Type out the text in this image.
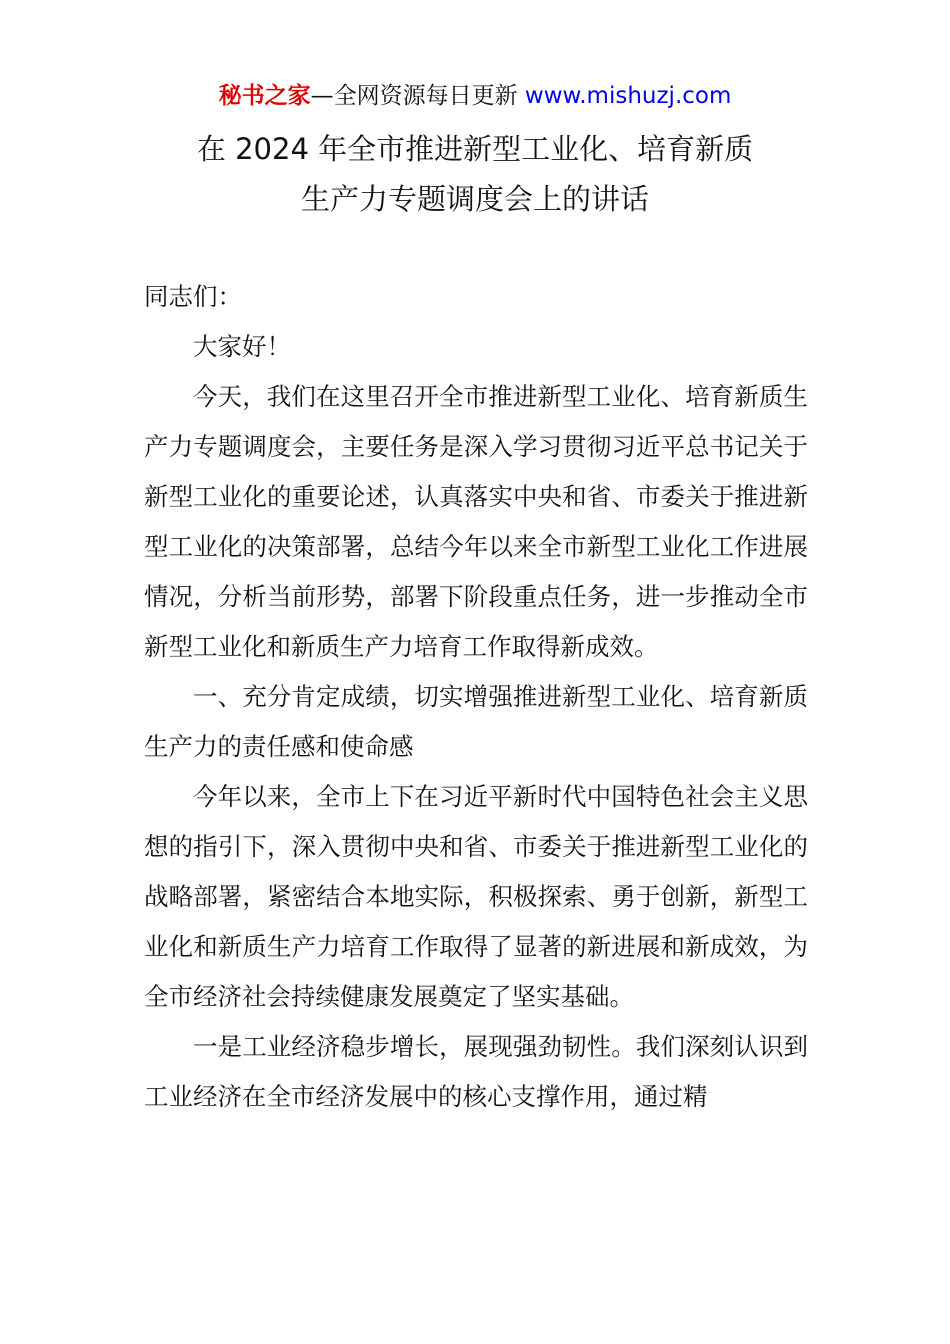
秘书之家—全网资源每日更新 www.mishuzj.com
在 2024 年全市推进新型工业化、培育新质
生产力专题调度会上的讲话

同志们：

大家好！

今天，我们在这里召开全市推进新型工业化、培育新质生产力专题调度会，主要任务是深入学习贯彻习近平总书记关于新型工业化的重要论述，认真落实中央和省、市委关于推进新型工业化的决策部署，总结今年以来全市新型工业化工作进展情况，分析当前形势，部署下阶段重点任务，进一步推动全市新型工业化和新质生产力培育工作取得新成效。

一、充分肯定成绩，切实增强推进新型工业化、培育新质生产力的责任感和使命感

今年以来，全市上下在习近平新时代中国特色社会主义思想的指引下，深入贯彻中央和省、市委关于推进新型工业化的战略部署，紧密结合本地实际，积极探索、勇于创新，新型工业化和新质生产力培育工作取得了显著的新进展和新成效，为全市经济社会持续健康发展奠定了坚实基础。

一是工业经济稳步增长，展现强劲韧性。我们深刻认识到工业经济在全市经济发展中的核心支撑作用，通过精
